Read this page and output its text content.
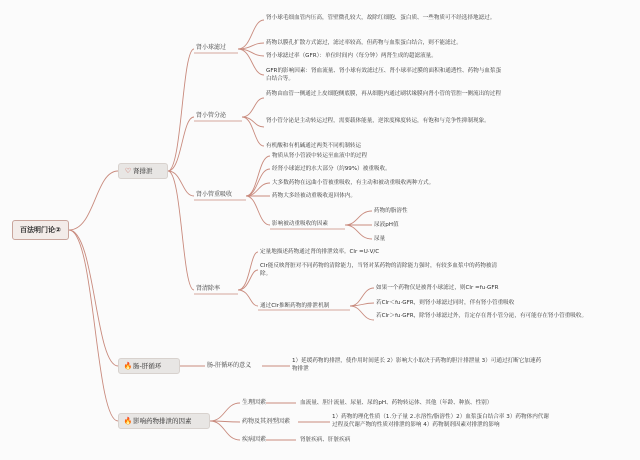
百法明门论②
♡ 肾排泄
肾小球滤过
肾小球毛细血管内压高，管壁微孔较大，故除红细胞、蛋白质、一些物质可不经选择地滤过。
药物以膜孔扩散方式滤过，滤过率较高，但药物与血浆蛋白结合，则不能滤过。
肾小球滤过率（GFR）：单位时间内（每分钟）两肾生成的超滤液量。
GFR的影响因素：肾血流量、肾小球有效滤过压、肾小球率过膜的面积和通透性、药物与血浆蛋白结合等。
肾小管分泌
药物由血管一侧通过上皮细胞侧底膜，再从细胞内通过刷状缘膜向肾小管的管腔一侧流出的过程
肾小管分泌是主动转运过程，需要载体能量，逆浓度梯度转运，有饱和与竞争性抑制现象。
有机酸和有机碱通过两类不同机制转运
肾小管重吸收
物质从肾小管液中转运至血液中的过程
经肾小球滤过的水大部分（約99%）被重吸收。
大多数药物在远曲小管被重吸收，有主动和被动重吸收两种方式。
药物大多经被动重吸收返回体内。
影响被动重吸收的因素
药物的脂溶性
尿液pH值
尿量
肾清除率
定量地描述药物通过肾的排泄效率。Clr =U·V/C
Clr能反映肾脏对不同药物的清除能力，当肾对某药物的清除能力强时，有较多血浆中的药物被清除。
通过Clr推断药物的排泄机制
如果一个药物仅是被肾小球滤过，则Clr =fu·GFR
若Clr＜fu·GFR，则肾小球滤过同时，伴有肾小管重吸收
若Clr＞fu·GFR，除肾小球滤过外，肯定存在肾小管分泌，有可能存在肾小管重吸收。
🔥肠-肝循环	肠-肝循环的意义
1）延缓药物的排泄，使作用时间延长 2）影响大小取决于药物的胆汁排泄量 3）可通过打断它加速药物排泄
🔥影响药物排泄的因素
生理因素	血流量、胆汁流量、尿量、尿的pH、药物转运体、其他（年龄、种族、性别）
药物及其剂型因素
1）药物的理化性质（1.分子量 2.水溶性/脂溶性）2）血浆蛋白结合率 3）药物体内代谢过程及代谢产物的性质对排泄的影响 4）药物制剂因素对排泄的影响
疾病因素	肾脏疾病、肝脏疾病
